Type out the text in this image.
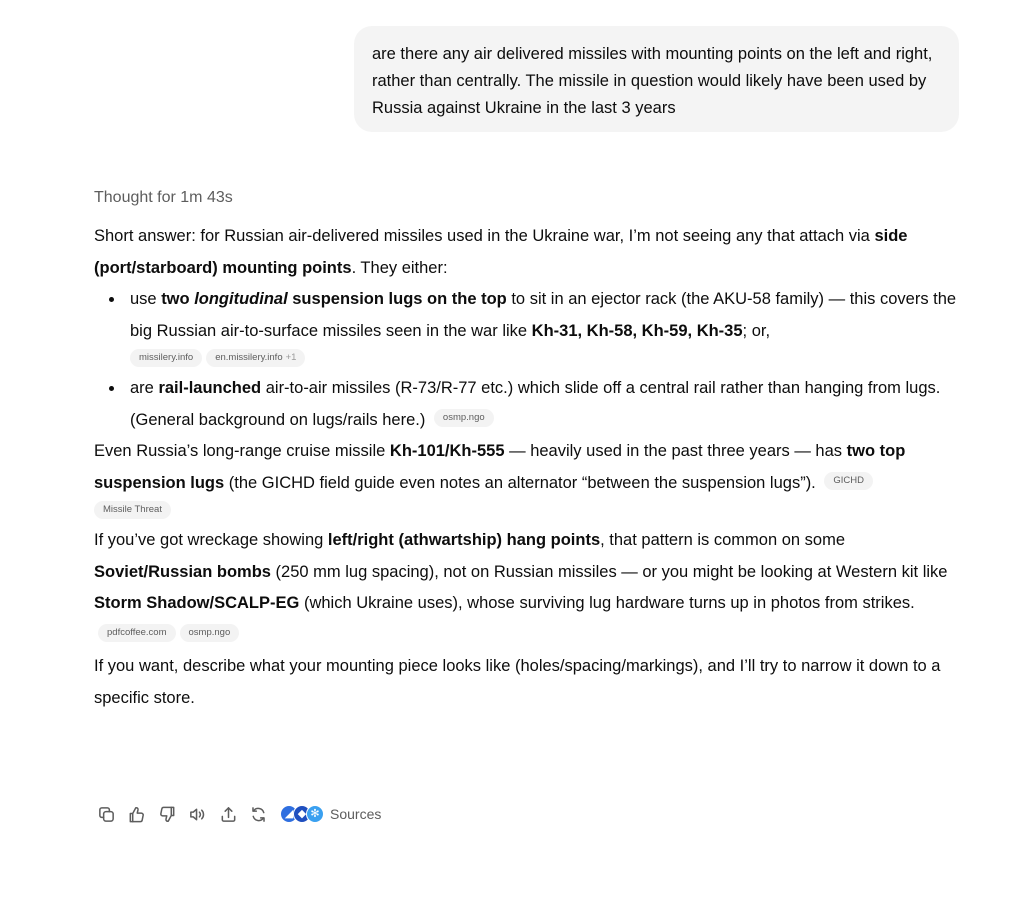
are there any air delivered missiles with mounting points on the left and right, rather than centrally. The missile in question would likely have been used by Russia against Ukraine in the last 3 years
Thought for 1m 43s

Short answer: for Russian air-delivered missiles used in the Ukraine war, I’m not seeing any that attach via side (port/starboard) mounting points. They either:

use two longitudinal suspension lugs on the top to sit in an ejector rack (the AKU-58 family) — this covers the big Russian air-to-surface missiles seen in the war like Kh-31, Kh-58, Kh-59, Kh-35; or,
missilery.info en.missilery.info +1
are rail-launched air-to-air missiles (R-73/R-77 etc.) which slide off a central rail rather than hanging from lugs. (General background on lugs/rails here.) osmp.ngo

Even Russia’s long-range cruise missile Kh-101/Kh-555 — heavily used in the past three years — has two top suspension lugs (the GICHD field guide even notes an alternator “between the suspension lugs”). GICHD
Missile Threat

If you’ve got wreckage showing left/right (athwartship) hang points, that pattern is common on some Soviet/Russian bombs (250 mm lug spacing), not on Russian missiles — or you might be looking at Western kit like Storm Shadow/SCALP-EG (which Ukraine uses), whose surviving lug hardware turns up in photos from strikes. pdfcoffee.com osmp.ngo

If you want, describe what your mounting piece looks like (holes/spacing/markings), and I’ll try to narrow it down to a specific store.

◢ ◆ ✻ Sources
